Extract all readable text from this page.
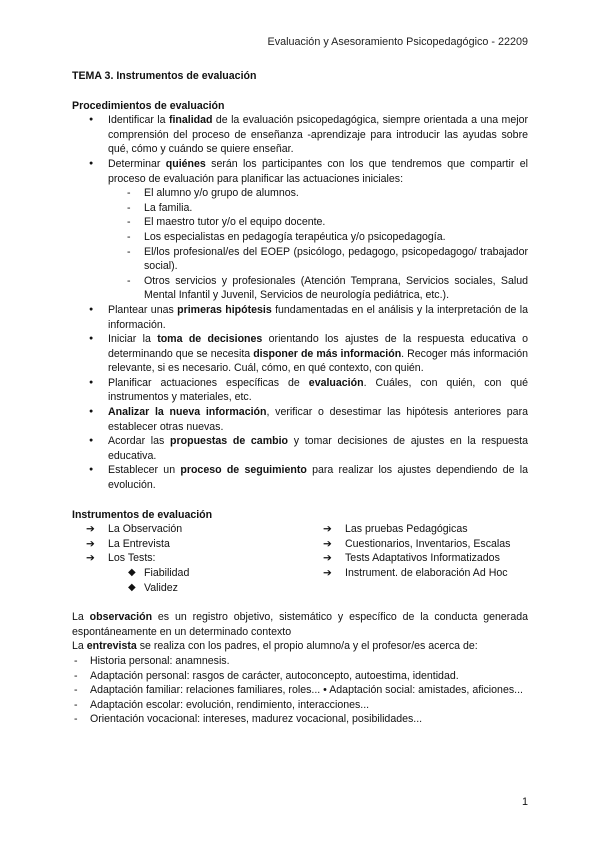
Evaluación y Asesoramiento Psicopedagógico - 22209

TEMA 3. Instrumentos de evaluación

Procedimientos de evaluación

● Identificar la finalidad de la evaluación psicopedagógica, siempre orientada a una mejor comprensión del proceso de enseñanza -aprendizaje para introducir las ayudas sobre qué, cómo y cuándo se quiere enseñar.
● Determinar quiénes serán los participantes con los que tendremos que compartir el proceso de evaluación para planificar las actuaciones iniciales:
- El alumno y/o grupo de alumnos.
- La familia.
- El maestro tutor y/o el equipo docente.
- Los especialistas en pedagogía terapéutica y/o psicopedagogía.
- El/los profesional/es del EOEP (psicólogo, pedagogo, psicopedagogo/ trabajador social).
- Otros servicios y profesionales (Atención Temprana, Servicios sociales, Salud Mental Infantil y Juvenil, Servicios de neurología pediátrica, etc.).
● Plantear unas primeras hipótesis fundamentadas en el análisis y la interpretación de la información.
● Iniciar la toma de decisiones orientando los ajustes de la respuesta educativa o determinando que se necesita disponer de más información. Recoger más información relevante, si es necesario. Cuál, cómo, en qué contexto, con quién.
● Planificar actuaciones específicas de evaluación. Cuáles, con quién, con qué instrumentos y materiales, etc.
● Analizar la nueva información, verificar o desestimar las hipótesis anteriores para establecer otras nuevas.
● Acordar las propuestas de cambio y tomar decisiones de ajustes en la respuesta educativa.
● Establecer un proceso de seguimiento para realizar los ajustes dependiendo de la evolución.

Instrumentos de evaluación

➔ La Observación
➔ La Entrevista
➔ Los Tests:
◆ Fiabilidad
◆ Validez
➔ Las pruebas Pedagógicas
➔ Cuestionarios, Inventarios, Escalas
➔ Tests Adaptativos Informatizados
➔ Instrument. de elaboración Ad Hoc

La observación es un registro objetivo, sistemático y específico de la conducta generada espontáneamente en un determinado contexto

La entrevista se realiza con los padres, el propio alumno/a y el profesor/es acerca de:

- Historia personal: anamnesis.
- Adaptación personal: rasgos de carácter, autoconcepto, autoestima, identidad.
- Adaptación familiar: relaciones familiares, roles... • Adaptación social: amistades, aficiones...
- Adaptación escolar: evolución, rendimiento, interacciones...
- Orientación vocacional: intereses, madurez vocacional, posibilidades...
1
